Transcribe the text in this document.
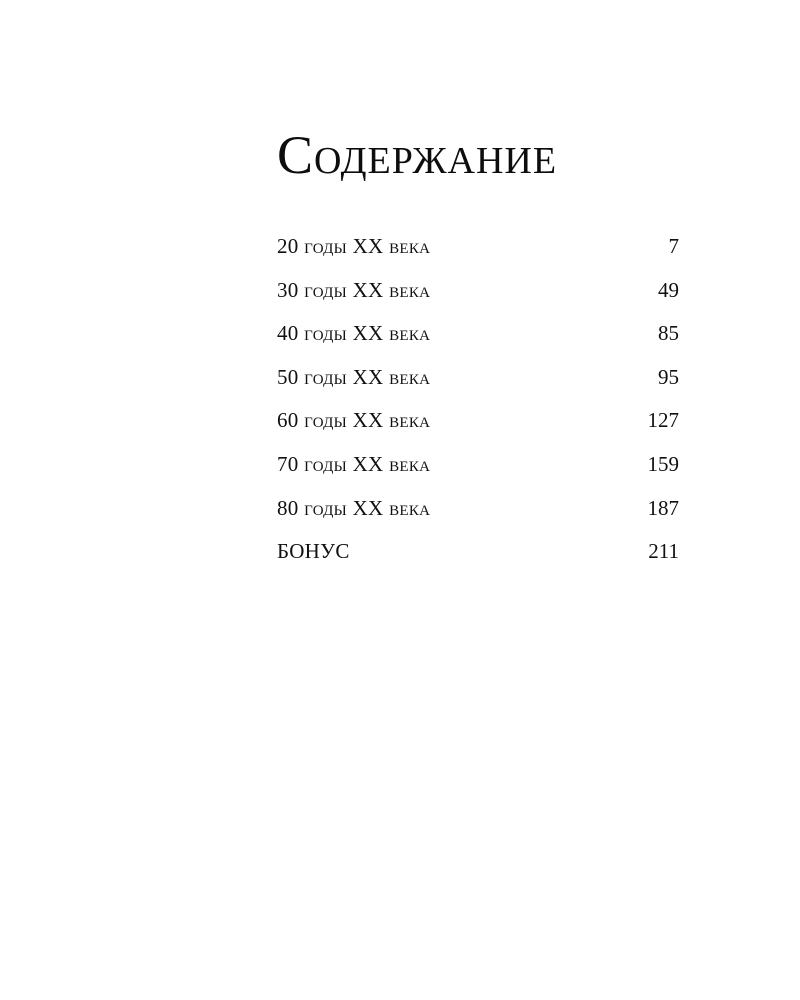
Содержание
20 годы XX века	7
30 годы XX века	49
40 годы XX века	85
50 годы XX века	95
60 годы XX века	127
70 годы XX века	159
80 годы XX века	187
БОНУС	211
